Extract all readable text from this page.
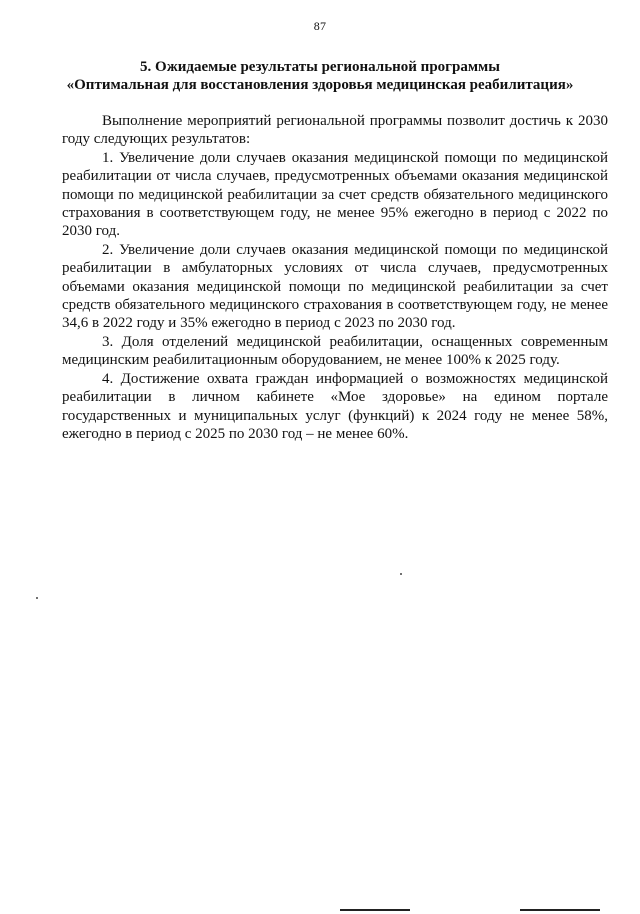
87
5. Ожидаемые результаты региональной программы
«Оптимальная для восстановления здоровья медицинская реабилитация»

Выполнение мероприятий региональной программы позволит достичь к 2030 году следующих результатов:

1. Увеличение доли случаев оказания медицинской помощи по медицинской реабилитации от числа случаев, предусмотренных объемами оказания медицинской помощи по медицинской реабилитации за счет средств обязательного медицинского страхования в соответствующем году, не менее 95% ежегодно в период с 2022 по 2030 год.

2. Увеличение доли случаев оказания медицинской помощи по медицинской реабилитации в амбулаторных условиях от числа случаев, предусмотренных объемами оказания медицинской помощи по медицинской реабилитации за счет средств обязательного медицинского страхования в соответствующем году, не менее 34,6 в 2022 году и 35% ежегодно в период с 2023 по 2030 год.

3. Доля отделений медицинской реабилитации, оснащенных современным медицинским реабилитационным оборудованием, не менее 100% к 2025 году.

4. Достижение охвата граждан информацией о возможностях медицинской реабилитации в личном кабинете «Мое здоровье» на едином портале государственных и муниципальных услуг (функций) к 2024 году не менее 58%, ежегодно в период с 2025 по 2030 год – не менее 60%.
